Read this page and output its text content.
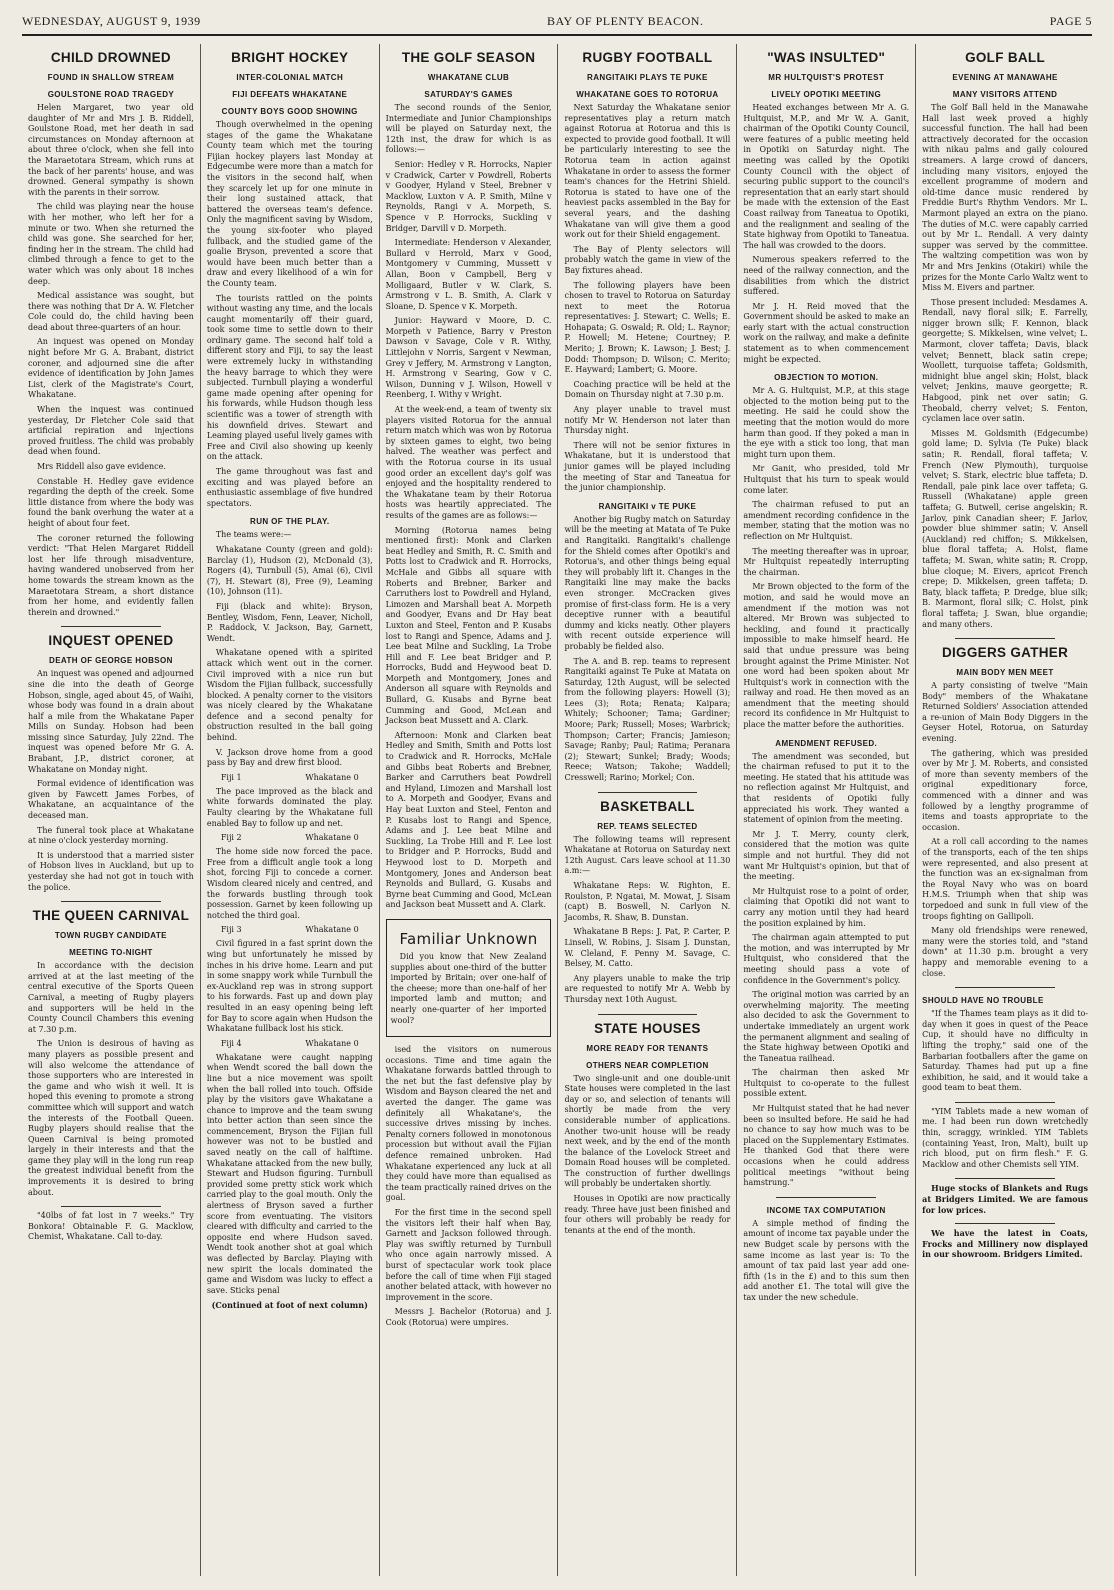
WEDNESDAY, AUGUST 9, 1939	BAY OF PLENTY BEACON.	PAGE 5
CHILD DROWNED
FOUND IN SHALLOW STREAM
GOULSTONE ROAD TRAGEDY

Helen Margaret, two year old daughter of Mr and Mrs J. B. Riddell, Goulstone Road, met her death in sad circumstances on Monday afternoon at about three o'clock, when she fell into the Maraetotara Stream, which runs at the back of her parents' house, and was drowned. General sympathy is shown with the parents in their sorrow.

The child was playing near the house with her mother, who left her for a minute or two. When she returned the child was gone. She searched for her, finding her in the stream. The child had climbed through a fence to get to the water which was only about 18 inches deep.

Medical assistance was sought, but there was nothing that Dr A. W. Fletcher Cole could do, the child having been dead about three-quarters of an hour.

An inquest was opened on Monday night before Mr G. A. Brabant, district coroner, and adjourned sine die after evidence of identification by John James List, clerk of the Magistrate's Court, Whakatane.

When the inquest was continued yesterday, Dr Fletcher Cole said that artificial repiration and injections proved fruitless. The child was probably dead when found.

Mrs Riddell also gave evidence.

Constable H. Hedley gave evidence regarding the depth of the creek. Some little distance from where the body was found the bank overhung the water at a height of about four feet.

The coroner returned the following verdict: "That Helen Margaret Riddell lost her life through misadventure, having wandered unobserved from her home towards the stream known as the Maraetotara Stream, a short distance from her home, and evidently fallen therein and drowned."

INQUEST OPENED
DEATH OF GEORGE HOBSON

An inquest was opened and adjourned sine die into the death of George Hobson, single, aged about 45, of Waihi, whose body was found in a drain about half a mile from the Whakatane Paper Mills on Sunday. Hobson had been missing since Saturday, July 22nd. The inquest was opened before Mr G. A. Brabant, J.P., district coroner, at Whakatane on Monday night.

Formal evidence of identification was given by Fawcett James Forbes, of Whakatane, an acquaintance of the deceased man.

The funeral took place at Whakatane at nine o'clock yesterday morning.

It is understood that a married sister of Hobson lives in Auckland, but up to yesterday she had not got in touch with the police.

THE QUEEN CARNIVAL
TOWN RUGBY CANDIDATE
MEETING TO-NIGHT

In accordance with the decision arrived at at the last meeting of the central executive of the Sports Queen Carnival, a meeting of Rugby players and supporters will be held in the County Council Chambers this evening at 7.30 p.m.

The Union is desirous of having as many players as possible present and will also welcome the attendance of those supporters who are interested in the game and who wish it well. It is hoped this evening to promote a strong committee which will support and watch the interests of the Football Queen. Rugby players should realise that the Queen Carnival is being promoted largely in their interests and that the game they play will in the long run reap the greatest individual benefit from the improvements it is desired to bring about.

"40lbs of fat lost in 7 weeks." Try Bonkora! Obtainable F. G. Macklow, Chemist, Whakatane. Call to-day.

BRIGHT HOCKEY
INTER-COLONIAL MATCH
FIJI DEFEATS WHAKATANE
COUNTY BOYS GOOD SHOWING

Though overwhelmed in the opening stages of the game the Whakatane County team which met the touring Fijian hockey players last Monday at Edgecumbe were more than a match for the visitors in the second half, when they scarcely let up for one minute in their long sustained attack, that battered the overseas team's defence. Only the magnificent saving by Wisdom, the young six-footer who played fullback, and the studied game of the goalie Bryson, prevented a score that would have been much better than a draw and every likelihood of a win for the County team.

The tourists rattled on the points without wasting any time, and the locals caught momentarily off their guard, took some time to settle down to their ordinary game. The second half told a different story and Fiji, to say the least were extremely lucky in withstanding the heavy barrage to which they were subjected. Turnbull playing a wonderful game made opening after opening for his forwards, while Hudson though less scientific was a tower of strength with his downfield drives. Stewart and Leaming played useful lively games with Free and Civil also showing up keenly on the attack.

The game throughout was fast and exciting and was played before an enthusiastic assemblage of five hundred spectators.

RUN OF THE PLAY.

The teams were:—

Whakatane County (green and gold): Barclay (1), Hudson (2), McDonald (3), Rogers (4), Turnbull (5), Amai (6), Civil (7), H. Stewart (8), Free (9), Leaming (10), Johnson (11).

Fiji (black and white): Bryson, Bentley, Wisdom, Fenn, Leaver, Nicholl, P. Raddock, V. Jackson, Bay, Garnett, Wendt.

Whakatane opened with a spirited attack which went out in the corner. Civil improved with a nice run but Wisdom the Fijian fullback, successfully blocked. A penalty corner to the visitors was nicely cleared by the Whakatane defence and a second penalty for obstruction resulted in the ball going behind.

V. Jackson drove home from a good pass by Bay and drew first blood.

Fiji 1	Whakatane 0

The pace improved as the black and white forwards dominated the play. Faulty clearing by the Whakatane full enabled Bay to follow up and net.

Fiji 2	Whakatane 0

The home side now forced the pace. Free from a difficult angle took a long shot, forcing Fiji to concede a corner. Wisdom cleared nicely and centred, and the forwards bustling through took possession. Garnet by keen following up notched the third goal.

Fiji 3	Whakatane 0

Civil figured in a fast sprint down the wing but unfortunately he missed by inches in his drive home. Learn and put in some snappy work while Turnbull the ex-Auckland rep was in strong support to his forwards. Fast up and down play resulted in an easy opening being left for Bay to score again when Hudson the Whakatane fullback lost his stick.

Fiji 4	Whakatane 0

Whakatane were caught napping when Wendt scored the ball down the line but a nice movement was spoilt when the ball rolled into touch. Offside play by the visitors gave Whakatane a chance to improve and the team swung into better action than seen since the commencement, Bryson the Fijian full however was not to be bustled and saved neatly on the call of halftime. Whakatane attacked from the new bully, Stewart and Hudson figuring. Turnbull provided some pretty stick work which carried play to the goal mouth. Only the alertness of Bryson saved a further score from eventuating. The visitors cleared with difficulty and carried to the opposite end where Hudson saved. Wendt took another shot at goal which was deflected by Barclay. Playing with new spirit the locals dominated the game and Wisdom was lucky to effect a save. Sticks penal

(Continued at foot of next column)

THE GOLF SEASON
WHAKATANE CLUB
SATURDAY'S GAMES

The second rounds of the Senior, Intermediate and Junior Championships will be played on Saturday next, the 12th inst, the draw for which is as follows:—

Senior: Hedley v R. Horrocks, Napier v Cradwick, Carter v Powdrell, Roberts v Goodyer, Hyland v Steel, Brebner v Macklow, Luxton v A. P. Smith, Milne v Reynolds, Rangi v A. Morpeth, S. Spence v P. Horrocks, Suckling v Bridger, Darvill v D. Morpeth.

Intermediate: Henderson v Alexander, Bullard v Herrold, Marx v Good, Montgomery v Cumming, Mussett v Allan, Boon v Campbell, Berg v Molligaard, Butler v W. Clark, S. Armstrong v L. B. Smith, A. Clark v Sloane, D. Spence v K. Morpeth.

Junior: Hayward v Moore, D. C. Morpeth v Patience, Barry v Preston Dawson v Savage, Cole v R. Withy, Littlejohn v Norris, Sargent v Newman, Grey v Jeffery, M. Armstrong v Langton, H. Armstrong v Searing, Gow v C. Wilson, Dunning v J. Wilson, Howell v Reenberg, I. Withy v Wright.

At the week-end, a team of twenty six players visited Rotorua for the annual return match which was won by Rotorua by sixteen games to eight, two being halved. The weather was perfect and with the Rotorua course in its usual good order an excellent day's golf was enjoyed and the hospitality rendered to the Whakatane team by their Rotorua hosts was heartily appreciated. The results of the games are as follows:—

Morning (Rotorua names being mentioned first): Monk and Clarken beat Hedley and Smith, R. C. Smith and Potts lost to Cradwick and R. Horrocks, McHale and Gibbs all square with Roberts and Brebner, Barker and Carruthers lost to Powdrell and Hyland, Limozen and Marshall beat A. Morpeth and Goodyer, Evans and Dr Hay beat Luxton and Steel, Fenton and P. Kusabs lost to Rangi and Spence, Adams and J. Lee beat Milne and Suckling, La Trobe Hill and F. Lee beat Bridger and P. Horrocks, Budd and Heywood beat D. Morpeth and Montgomery, Jones and Anderson all square with Reynolds and Bullard, G. Kusabs and Byrne beat Cumming and Good, McLean and Jackson beat Mussett and A. Clark.

Afternoon: Monk and Clarken beat Hedley and Smith, Smith and Potts lost to Cradwick and R. Horrocks, McHale and Gibbs beat Roberts and Brebner, Barker and Carruthers beat Powdrell and Hyland, Limozen and Marshall lost to A. Morpeth and Goodyer, Evans and Hay beat Luxton and Steel, Fenton and P. Kusabs lost to Rangi and Spence, Adams and J. Lee beat Milne and Suckling, La Trobe Hill and F. Lee lost to Bridger and P. Horrocks, Budd and Heywood lost to D. Morpeth and Montgomery, Jones and Anderson beat Reynolds and Bullard, G. Kusabs and Byrne beat Cumming and Good, McLean and Jackson beat Mussett and A. Clark.

Familiar Unknown

Did you know that New Zealand supplies about one-third of the butter imported by Britain; over one-half of the cheese; more than one-half of her imported lamb and mutton; and nearly one-quarter of her imported wool?

ised the visitors on numerous occasions. Time and time again the Whakatane forwards battled through to the net but the fast defensive play by Wisdom and Bayson cleared the net and averted the danger. The game was definitely all Whakatane's, the successive drives missing by inches. Penalty corners followed in monotonous procession but without avail the Fijian defence remained unbroken. Had Whakatane experienced any luck at all they could have more than equalised as the team practically rained drives on the goal.

For the first time in the second spell the visitors left their half when Bay, Garnett and Jackson followed through. Play was swiftly returned by Turnbull who once again narrowly missed. A burst of spectacular work took place before the call of time when Fiji staged another belated attack, with however no improvement in the score.

Messrs J. Bachelor (Rotorua) and J. Cook (Rotorua) were umpires.

RUGBY FOOTBALL
RANGITAIKI PLAYS TE PUKE
WHAKATANE GOES TO ROTORUA

Next Saturday the Whakatane senior representatives play a return match against Rotorua at Rotorua and this is expected to provide good football. It will be particularly interesting to see the Rotorua team in action against Whakatane in order to assess the former team's chances for the Hetrini Shield. Rotorua is stated to have one of the heaviest packs assembled in the Bay for several years, and the dashing Whakatane van will give them a good work out for their Shield engagement.

The Bay of Plenty selectors will probably watch the game in view of the Bay fixtures ahead.

The following players have been chosen to travel to Rotorua on Saturday next to meet the Rotorua representatives: J. Stewart; C. Wells; E. Hohapata; G. Oswald; R. Old; L. Raynor; P. Howell; M. Hetene; Courtney; P. Merito; J. Brown; K. Lawson; J. Best; J. Dodd: Thompson; D. Wilson; C. Merito; E. Hayward; Lambert; G. Moore.

Coaching practice will be held at the Domain on Thursday night at 7.30 p.m.

Any player unable to travel must notify Mr W. Henderson not later than Thursday night.

There will not be senior fixtures in Whakatane, but it is understood that junior games will be played including the meeting of Star and Taneatua for the junior championship.

RANGITAIKI v TE PUKE

Another big Rugby match on Saturday will be the meeting at Matata of Te Puke and Rangitaiki. Rangitaiki's challenge for the Shield comes after Opotiki's and Rotorua's, and other things being equal they will probably lift it. Changes in the Rangitaiki line may make the backs even stronger. McCracken gives promise of first-class form. He is a very deceptive runner with a beautiful dummy and kicks neatly. Other players with recent outside experience will probably be fielded also.

The A. and B. rep. teams to represent Rangitaiki against Te Puke at Matata on Saturday, 12th August, will be selected from the following players: Howell (3); Lees (3); Rota; Renata; Kaipara; Whitely; Schooner; Tama; Gardiner; Moore; Park; Russell; Moses; Warbrick; Thompson; Carter; Francis; Jamieson; Savage; Ranby; Paul; Ratima; Peranara (2); Stewart; Sunkel; Brady; Woods; Reece; Watson; Takohe; Waddell; Cresswell; Rarino; Morkel; Con.

BASKETBALL
REP. TEAMS SELECTED

The following teams will represent Whakatane at Rotorua on Saturday next 12th August. Cars leave school at 11.30 a.m:—

Whakatane Reps: W. Righton, E. Roulston, P. Ngatai, M. Mowat, J. Sisam (capt) B. Boswell, N. Carlyon N. Jacombs, R. Shaw, B. Dunstan.

Whakatane B Reps: J. Pat, P. Carter, P. Linsell, W. Robins, J. Sisam J. Dunstan, W. Cleland, F. Penny M. Savage, C. Belsey, M. Catto.

Any players unable to make the trip are requested to notify Mr A. Webb by Thursday next 10th August.

STATE HOUSES
MORE READY FOR TENANTS
OTHERS NEAR COMPLETION

Two single-unit and one double-unit State houses were completed in the last day or so, and selection of tenants will shortly be made from the very considerable number of applications. Another two-unit house will be ready next week, and by the end of the month the balance of the Lovelock Street and Domain Road houses will be completed. The construction of further dwellings will probably be undertaken shortly.

Houses in Opotiki are now practically ready. Three have just been finished and four others will probably be ready for tenants at the end of the month.

"WAS INSULTED"
MR HULTQUIST'S PROTEST
LIVELY OPOTIKI MEETING

Heated exchanges between Mr A. G. Hultquist, M.P., and Mr W. A. Ganit, chairman of the Opotiki County Council, were features of a public meeting held in Opotiki on Saturday night. The meeting was called by the Opotiki County Council with the object of securing public support to the council's representation that an early start should be made with the extension of the East Coast railway from Taneatua to Opotiki, and the realignment and sealing of the State highway from Opotiki to Taneatua. The hall was crowded to the doors.

Numerous speakers referred to the need of the railway connection, and the disabilities from which the district suffered.

Mr J. H. Reid moved that the Government should be asked to make an early start with the actual construction work on the railway, and make a definite statement as to when commencement might be expected.

OBJECTION TO MOTION.

Mr A. G. Hultquist, M.P., at this stage objected to the motion being put to the meeting. He said he could show the meeting that the motion would do more harm than good. If they poked a man in the eye with a stick too long, that man might turn upon them.

Mr Ganit, who presided, told Mr Hultquist that his turn to speak would come later.

The chairman refused to put an amendment recording confidence in the member, stating that the motion was no reflection on Mr Hultquist.

The meeting thereafter was in uproar, Mr Hultquist repeatedly interrupting the chairman.

Mr Brown objected to the form of the motion, and said he would move an amendment if the motion was not altered. Mr Brown was subjected to heckling, and found it practically impossible to make himself heard. He said that undue pressure was being brought against the Prime Minister. Not one word had been spoken about Mr Hultquist's work in connection with the railway and road. He then moved as an amendment that the meeting should record its confidence in Mr Hultquist to place the matter before the authorities.

AMENDMENT REFUSED.

The amendment was seconded, but the chairman refused to put it to the meeting. He stated that his attitude was no reflection against Mr Hultquist, and that residents of Opotiki fully appreciated his work. They wanted a statement of opinion from the meeting.

Mr J. T. Merry, county clerk, considered that the motion was quite simple and not hurtful. They did not want Mr Hultquist's opinion, but that of the meeting.

Mr Hultquist rose to a point of order, claiming that Opotiki did not want to carry any motion until they had heard the position explained by him.

The chairman again attempted to put the motion, and was interrupted by Mr Hultquist, who considered that the meeting should pass a vote of confidence in the Government's policy.

The original motion was carried by an overwhelming majority. The meeting also decided to ask the Government to undertake immediately an urgent work the permanent alignment and sealing of the State highway between Opotiki and the Taneatua railhead.

The chairman then asked Mr Hultquist to co-operate to the fullest possible extent.

Mr Hultquist stated that he had never been so insulted before. He said he had no chance to say how much was to be placed on the Supplementary Estimates. He thanked God that there were occasions when he could address political meetings "without being hamstrung."

INCOME TAX COMPUTATION

A simple method of finding the amount of income tax payable under the new Budget scale by persons with the same income as last year is: To the amount of tax paid last year add one-fifth (1s in the £) and to this sum then add another £1. The total will give the tax under the new schedule.

GOLF BALL
EVENING AT MANAWAHE
MANY VISITORS ATTEND

The Golf Ball held in the Manawahe Hall last week proved a highly successful function. The hall had been attractively decorated for the occasion with nikau palms and gaily coloured streamers. A large crowd of dancers, including many visitors, enjoyed the excellent programme of modern and old-time dance music rendered by Freddie Burt's Rhythm Vendors. Mr L. Marmont played an extra on the piano. The duties of M.C. were capably carried out by Mr L. Rendall. A very dainty supper was served by the committee. The waltzing competition was won by Mr and Mrs Jenkins (Otakiri) while the prizes for the Monte Carlo Waltz went to Miss M. Eivers and partner.

Those present included: Mesdames A. Rendall, navy floral silk; E. Farrelly, nigger brown silk; F. Kennon, black georgette; S. Mikkelsen, wine velvet; L. Marmont, clover taffeta; Davis, black velvet; Bennett, black satin crepe; Woollett, turquoise taffeta; Goldsmith, midnight blue angel skin; Holst, black velvet; Jenkins, mauve georgette; R. Habgood, pink net over satin; G. Theobald, cherry velvet; S. Fenton, cyclamen lace over satin.

Misses M. Goldsmith (Edgecumbe) gold lame; D. Sylvia (Te Puke) black satin; R. Rendall, floral taffeta; V. French (New Plymouth), turquoise velvet; S. Stark, electric blue taffeta; D. Rendall, pale pink lace over taffeta; G. Russell (Whakatane) apple green taffeta; G. Butwell, cerise angelskin; R. Jarlov, pink Canadian sheer; F. Jarlov, powder blue shimmer satin; V. Ansell (Auckland) red chiffon; S. Mikkelsen, blue floral taffeta; A. Holst, flame taffeta; M. Swan, white satin; R. Cropp, blue cloque; M. Eivers, apricot French crepe; D. Mikkelsen, green taffeta; D. Baty, black taffeta; P. Dredge, blue silk; B. Marmont, floral silk; C. Holst, pink floral taffeta; J. Swan, blue organdie; and many others.

DIGGERS GATHER
MAIN BODY MEN MEET

A party consisting of twelve "Main Body" members of the Whakatane Returned Soldiers' Association attended a re-union of Main Body Diggers in the Geyser Hotel, Rotorua, on Saturday evening.

The gathering, which was presided over by Mr J. M. Roberts, and consisted of more than seventy members of the original expeditionary force, commenced with a dinner and was followed by a lengthy programme of items and toasts appropriate to the occasion.

At a roll call according to the names of the transports, each of the ten ships were represented, and also present at the function was an ex-signalman from the Royal Navy who was on board H.M.S. Triumph when that ship was torpedoed and sunk in full view of the troops fighting on Gallipoli.

Many old friendships were renewed, many were the stories told, and "stand down" at 11.30 p.m. brought a very happy and memorable evening to a close.

SHOULD HAVE NO TROUBLE

"If the Thames team plays as it did to-day when it goes in quest of the Peace Cup, it should have no difficulty in lifting the trophy," said one of the Barbarian footballers after the game on Saturday. Thames had put up a fine exhibition, he said, and it would take a good team to beat them.

"YIM Tablets made a new woman of me. I had been run down wretchedly thin, scraggy, wrinkled. YIM Tablets (containing Yeast, Iron, Malt), built up rich blood, put on firm flesh." F. G. Macklow and other Chemists sell YIM.

Huge stocks of Blankets and Rugs at Bridgers Limited. We are famous for low prices.

We have the latest in Coats, Frocks and Millinery now displayed in our showroom. Bridgers Limited.
